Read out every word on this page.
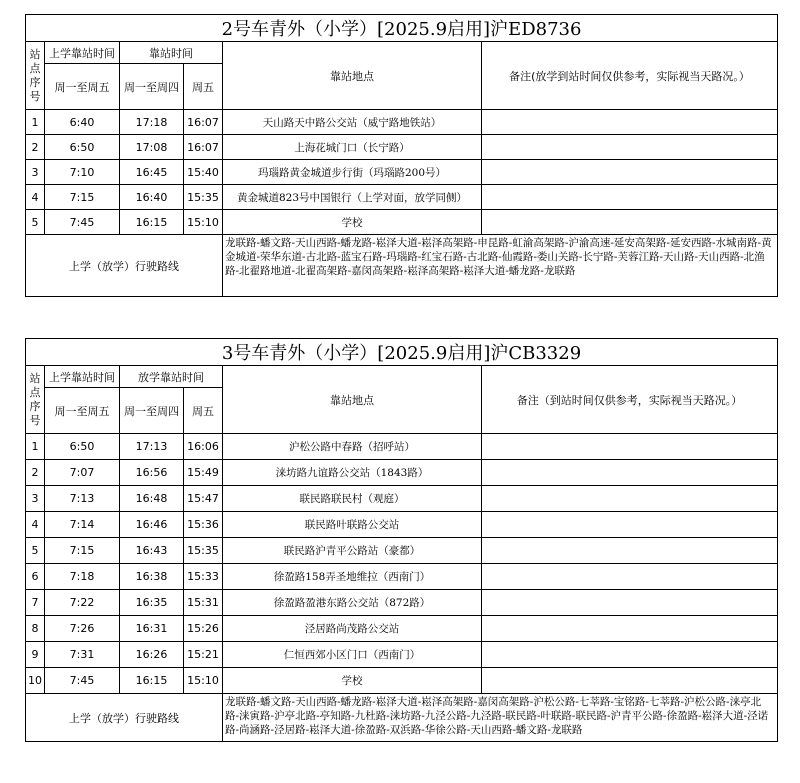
2号车青外（小学）[2025.9启用]沪ED8736					
站点序号	上学靠站时间	靠站时间		靠站地点	备注(放学到站时间仅供参考，实际视当天路况。）
	周一至周五	周一至周四	周五		
1	6:40	17:18	16:07	天山路天中路公交站（威宁路地铁站）	
2	6:50	17:08	16:07	上海花城门口（长宁路）	
3	7:10	16:45	15:40	玛瑙路黄金城道步行街（玛瑙路200号）	
4	7:15	16:40	15:35	黄金城道823号中国银行（上学对面，放学同侧）	
5	7:45	16:15	15:10	学校	
上学（放学）行驶路线				龙联路-蟠文路-天山西路-蟠龙路-崧泽大道-崧泽高架路-申昆路-虹渝高架路-沪渝高速-延安高架路-延安西路-水城南路-黄金城道-荣华东道-古北路-蓝宝石路-玛瑙路-红宝石路-古北路-仙霞路-娄山关路-长宁路-芙蓉江路-天山路-天山西路-北渔路-北翟路地道-北翟高架路-嘉闵高架路-崧泽高架路-崧泽大道-蟠龙路-龙联路	
3号车青外（小学）[2025.9启用]沪CB3329					
站点序号	上学靠站时间	放学靠站时间		靠站地点	备注（到站时间仅供参考，实际视当天路况。）
	周一至周五	周一至周四	周五		
1	6:50	17:13	16:06	沪松公路中春路（招呼站）	
2	7:07	16:56	15:49	涞坊路九谊路公交站（1843路）	
3	7:13	16:48	15:47	联民路联民村（观庭）	
4	7:14	16:46	15:36	联民路叶联路公交站	
5	7:15	16:43	15:35	联民路沪青平公路站（豪都）	
6	7:18	16:38	15:33	徐盈路158弄圣地维拉（西南门）	
7	7:22	16:35	15:31	徐盈路盈港东路公交站（872路）	
8	7:26	16:31	15:26	泾居路尚茂路公交站	
9	7:31	16:26	15:21	仁恒西郊小区门口（西南门）	
10	7:45	16:15	15:10	学校	
上学（放学）行驶路线				龙联路-蟠文路-天山西路-蟠龙路-崧泽大道-崧泽高架路-嘉闵高架路-沪松公路-七莘路-宝铭路-七莘路-沪松公路-涞亭北路-涞寅路-沪亭北路-亭知路-九杜路-涞坊路-九泾公路-九泾路-联民路-叶联路-联民路-沪青平公路-徐盈路-崧泽大道-泾诺路-尚涵路-泾居路-崧泽大道-徐盈路-双浜路-华徐公路-天山西路-蟠文路-龙联路	
